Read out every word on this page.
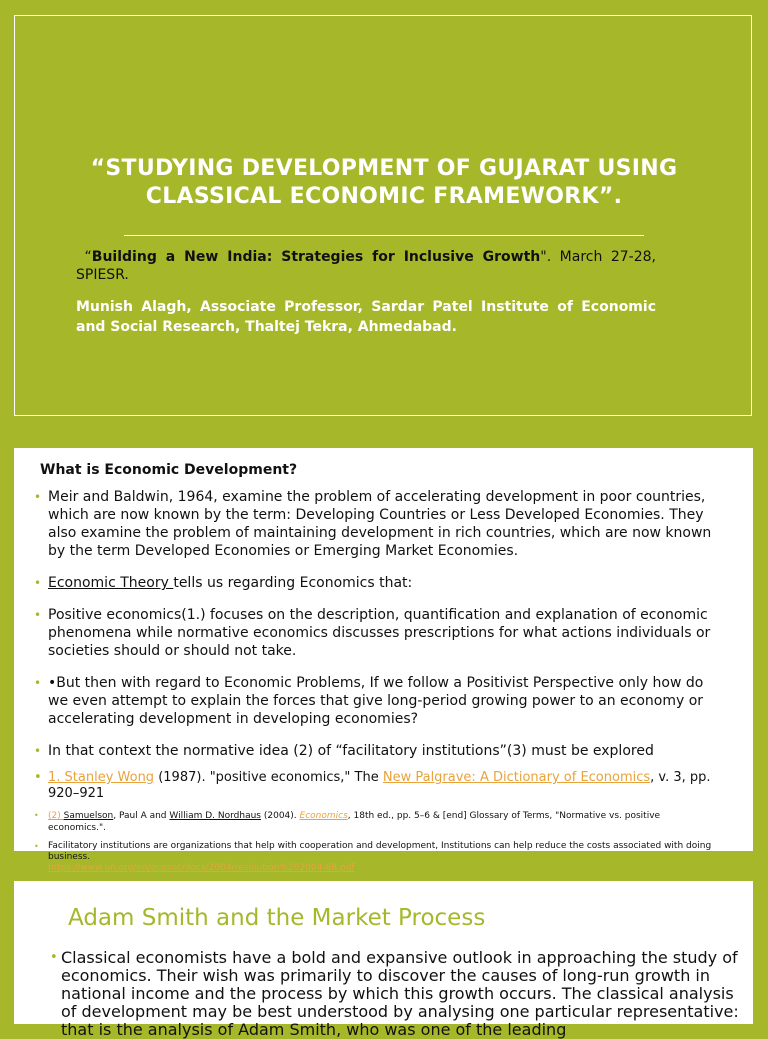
“STUDYING DEVELOPMENT OF GUJARAT USING
CLASSICAL ECONOMIC FRAMEWORK”.
“Building a New India: Strategies for Inclusive Growth". March 27-28, SPIESR.
Munish Alagh, Associate Professor, Sardar Patel Institute of Economic and Social Research, Thaltej Tekra, Ahmedabad.
What is Economic Development?
• Meir and Baldwin, 1964, examine the problem of accelerating development in poor countries, which are now known by the term: Developing Countries or Less Developed Economies. They also examine the problem of maintaining development in rich countries, which are now known by the term Developed Economies or Emerging Market Economies.
• Economic Theory tells us regarding Economics that:
• Positive economics(1.) focuses on the description, quantification and explanation of economic phenomena while normative economics discusses prescriptions for what actions individuals or societies should or should not take.
• •But then with regard to Economic Problems, If we follow a Positivist Perspective only how do we even attempt to explain the forces that give long-period growing power to an economy or accelerating development in developing economies?
• In that context the normative idea (2) of “facilitatory institutions”(3) must be explored
• 1. Stanley Wong (1987). "positive economics," The New Palgrave: A Dictionary of Economics, v. 3, pp. 920–921
• (2) Samuelson, Paul A and William D. Nordhaus (2004). Economics, 18th ed., pp. 5–6 & [end] Glossary of Terms, "Normative vs. positive economics.".
• Facilitatory institutions are organizations that help with cooperation and development, Institutions can help reduce the costs associated with doing business.
https://www.un.org/en/ecosoc/docs/2004/resolution%202004-68.pdf
Adam Smith and the Market Process
• Classical economists have a bold and expansive outlook in approaching the study of economics. Their wish was primarily to discover the causes of long-run growth in national income and the process by which this growth occurs. The classical analysis of development may be best understood by analysing one particular representative: that is the analysis of Adam Smith, who was one of the leading
